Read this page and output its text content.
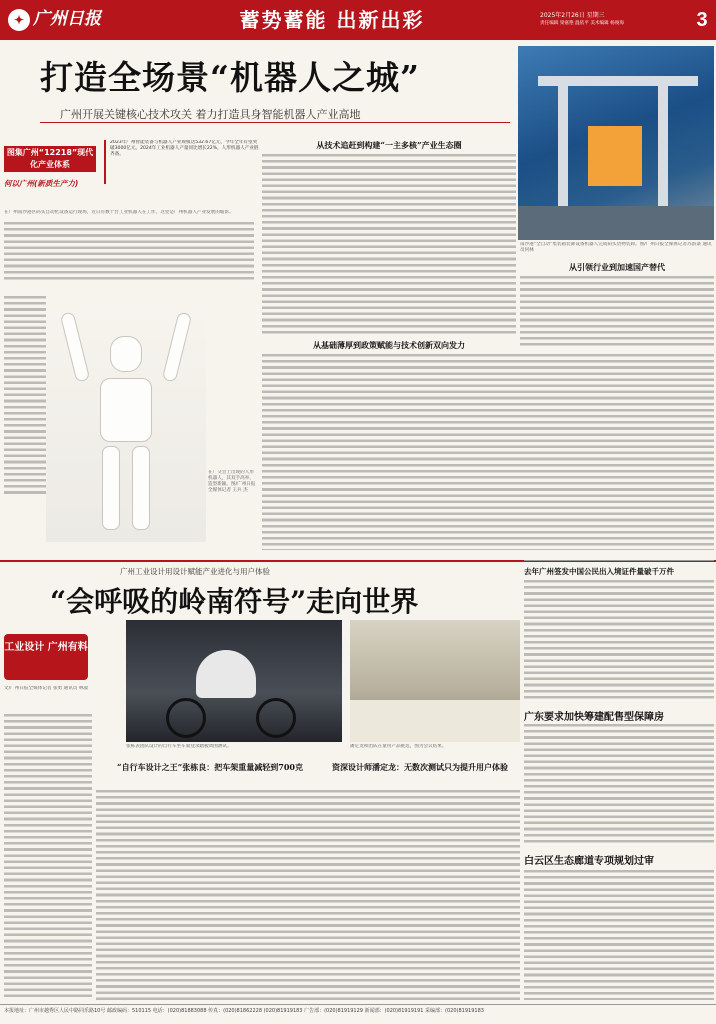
✦ 广州日报	蓄势蓄能 出新出彩	2025年2月26日 星期三
责任编辑 梁嘉艳 温依平 美术编辑 杨俊海	3
打造全场景“机器人之城”
广州开展关键核心技术攻关 着力打造具身智能机器人产业高地
南沙港“全自动”集装箱装卸设备机器人完成码头货物装卸。图/广州日报全媒体记者苏韵桑 通讯员何林
2023年广州智能装备与机器人产业规模达532.67亿元，今年全年有望突破3000亿元。2024年工业机器人产量同比增长22%，人形机器人产业链齐备。
图集广州“12218”现代化产业体系
何以广州(新质生产力)
在广州南沙港区码头自动化设备运行现场，近日有数十台工业机器人在工作，这里是广州机器人产业发展的缩影。
在广交会上出现的人形机器人，其双手高举，造型新颖。图/广州日报全媒体记者 王兵 杰
从技术追赶到构建“一主多核”产业生态圈
从基础薄厚到政策赋能与技术创新双向发力
从引领行业到加速国产替代
广州工业设计用设计赋能产业进化与用户体验
“会呼吸的岭南符号”走向世界
工业设计 广州有料
文/广州日报全媒体记者 张勇 通讯员 林淑
张栋表团队设计的自行车坐车骑登录踏板周围测试。	潘定龙和团队在童用产品挑选，图为会议结果。
“自行车设计之王”张栋良：把车架重量减轻到700克	资深设计师潘定龙：无数次测试只为提升用户体验
去年广州签发中国公民出入境证件量破千万件
广东要求加快筹建配售型保障房
白云区生态廊道专项规划过审
本报地址：广州市越秀区人民中路同乐路10号 邮政编码：510115 电话：(020)81883088 传真：(020)81862228 (020)81919183 广告部：(020)81919129 新闻部：(020)81919191 采编部：(020)81919183
